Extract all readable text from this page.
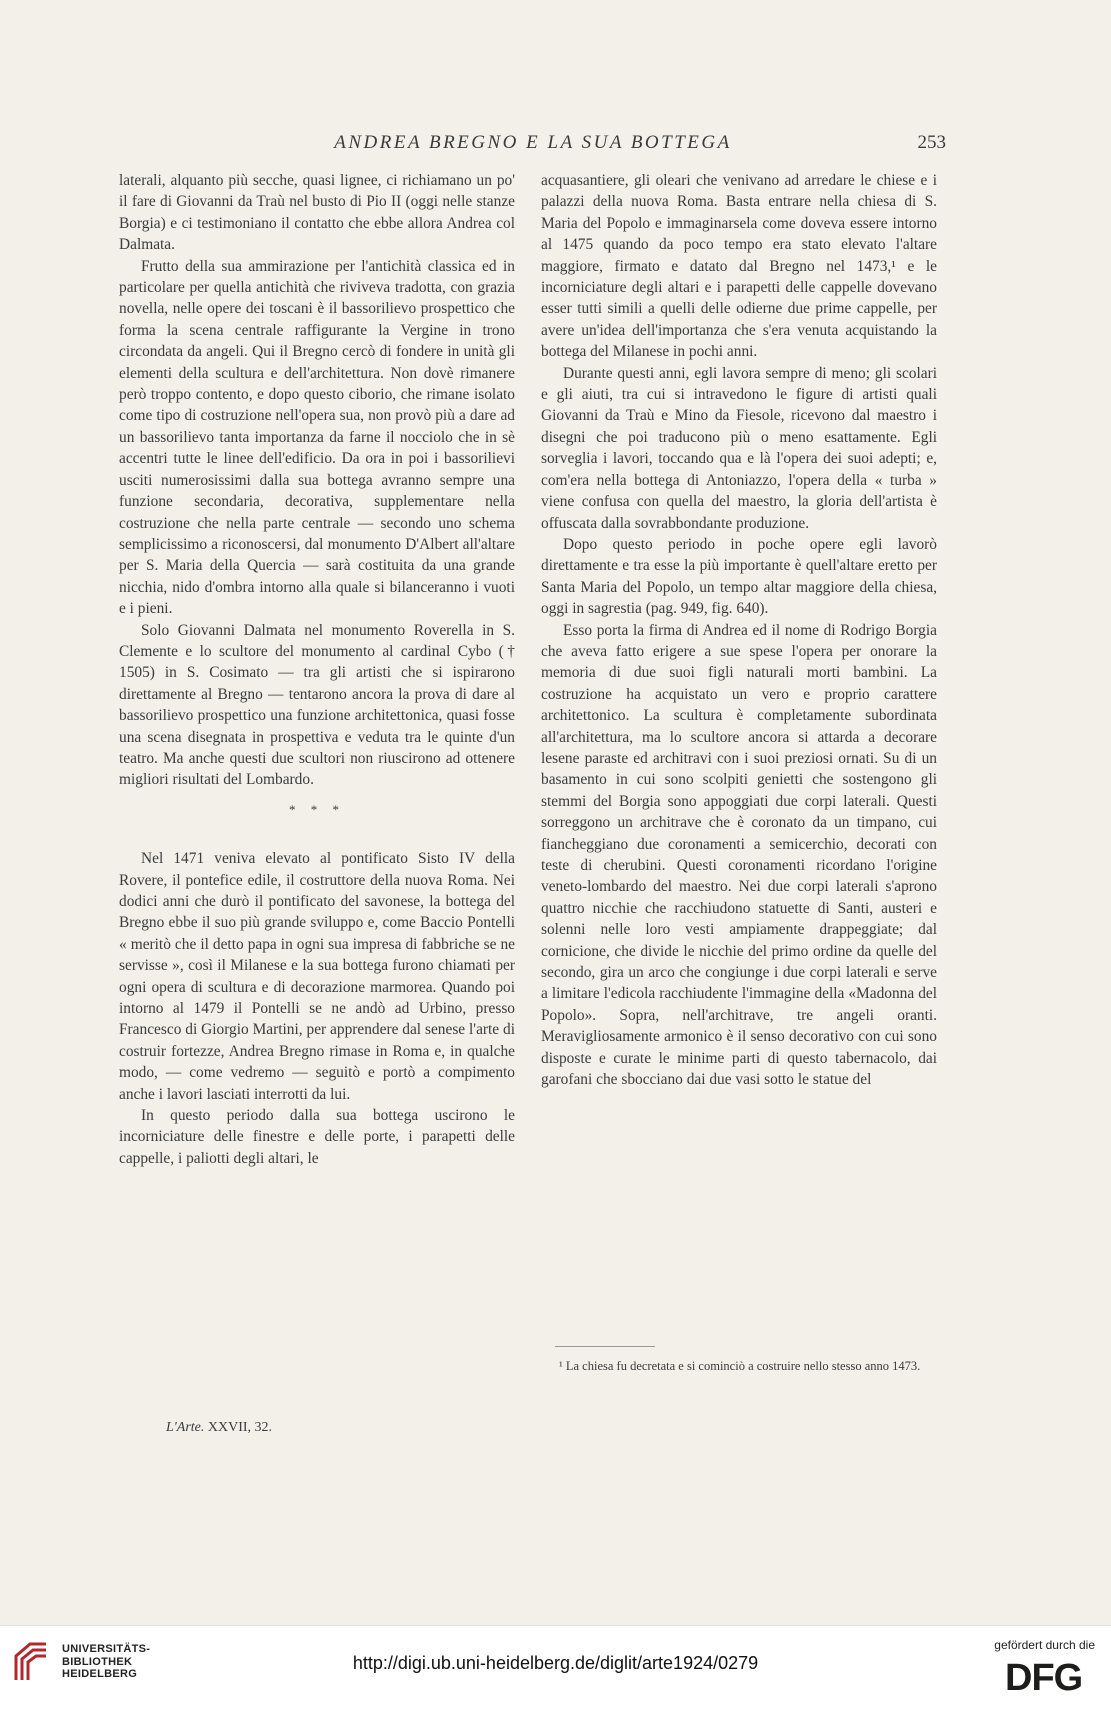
ANDREA BREGNO E LA SUA BOTTEGA	253

laterali, alquanto più secche, quasi lignee, ci richiamano un po' il fare di Giovanni da Traù nel busto di Pio II (oggi nelle stanze Borgia) e ci testimoniano il contatto che ebbe allora Andrea col Dalmata.

Frutto della sua ammirazione per l'antichità classica ed in particolare per quella antichità che riviveva tradotta, con grazia novella, nelle opere dei toscani è il bassorilievo prospettico che forma la scena centrale raffigurante la Vergine in trono circondata da angeli. Qui il Bregno cercò di fondere in unità gli elementi della scultura e dell'architettura. Non dovè rimanere però troppo contento, e dopo questo ciborio, che rimane isolato come tipo di costruzione nell'opera sua, non provò più a dare ad un bassorilievo tanta importanza da farne il nocciolo che in sè accentri tutte le linee dell'edificio. Da ora in poi i bassorilievi usciti numerosissimi dalla sua bottega avranno sempre una funzione secondaria, decorativa, supplementare nella costruzione che nella parte centrale — secondo uno schema semplicissimo a riconoscersi, dal monumento D'Albert all'altare per S. Maria della Quercia — sarà costituita da una grande nicchia, nido d'ombra intorno alla quale si bilanceranno i vuoti e i pieni.

Solo Giovanni Dalmata nel monumento Roverella in S. Clemente e lo scultore del monumento al cardinal Cybo († 1505) in S. Cosimato — tra gli artisti che si ispirarono direttamente al Bregno — tentarono ancora la prova di dare al bassorilievo prospettico una funzione architettonica, quasi fosse una scena disegnata in prospettiva e veduta tra le quinte d'un teatro. Ma anche questi due scultori non riuscirono ad ottenere migliori risultati del Lombardo.

* * *

Nel 1471 veniva elevato al pontificato Sisto IV della Rovere, il pontefice edile, il costruttore della nuova Roma. Nei dodici anni che durò il pontificato del savonese, la bottega del Bregno ebbe il suo più grande sviluppo e, come Baccio Pontelli « meritò che il detto papa in ogni sua impresa di fabbriche se ne servisse », così il Milanese e la sua bottega furono chiamati per ogni opera di scultura e di decorazione marmorea. Quando poi intorno al 1479 il Pontelli se ne andò ad Urbino, presso Francesco di Giorgio Martini, per apprendere dal senese l'arte di costruir fortezze, Andrea Bregno rimase in Roma e, in qualche modo, — come vedremo — seguitò e portò a compimento anche i lavori lasciati interrotti da lui.

In questo periodo dalla sua bottega uscirono le incorniciature delle finestre e delle porte, i parapetti delle cappelle, i paliotti degli altari, le

acquasantiere, gli oleari che venivano ad arredare le chiese e i palazzi della nuova Roma. Basta entrare nella chiesa di S. Maria del Popolo e immaginarsela come doveva essere intorno al 1475 quando da poco tempo era stato elevato l'altare maggiore, firmato e datato dal Bregno nel 1473,¹ e le incorniciature degli altari e i parapetti delle cappelle dovevano esser tutti simili a quelli delle odierne due prime cappelle, per avere un'idea dell'importanza che s'era venuta acquistando la bottega del Milanese in pochi anni.

Durante questi anni, egli lavora sempre di meno; gli scolari e gli aiuti, tra cui si intravedono le figure di artisti quali Giovanni da Traù e Mino da Fiesole, ricevono dal maestro i disegni che poi traducono più o meno esattamente. Egli sorveglia i lavori, toccando qua e là l'opera dei suoi adepti; e, com'era nella bottega di Antoniazzo, l'opera della « turba » viene confusa con quella del maestro, la gloria dell'artista è offuscata dalla sovrabbondante produzione.

Dopo questo periodo in poche opere egli lavorò direttamente e tra esse la più importante è quell'altare eretto per Santa Maria del Popolo, un tempo altar maggiore della chiesa, oggi in sagrestia (pag. 949, fig. 640).

Esso porta la firma di Andrea ed il nome di Rodrigo Borgia che aveva fatto erigere a sue spese l'opera per onorare la memoria di due suoi figli naturali morti bambini. La costruzione ha acquistato un vero e proprio carattere architettonico. La scultura è completamente subordinata all'architettura, ma lo scultore ancora si attarda a decorare lesene paraste ed architravi con i suoi preziosi ornati. Su di un basamento in cui sono scolpiti genietti che sostengono gli stemmi del Borgia sono appoggiati due corpi laterali. Questi sorreggono un architrave che è coronato da un timpano, cui fiancheggiano due coronamenti a semicerchio, decorati con teste di cherubini. Questi coronamenti ricordano l'origine veneto-lombardo del maestro. Nei due corpi laterali s'aprono quattro nicchie che racchiudono statuette di Santi, austeri e solenni nelle loro vesti ampiamente drappeggiate; dal cornicione, che divide le nicchie del primo ordine da quelle del secondo, gira un arco che congiunge i due corpi laterali e serve a limitare l'edicola racchiudente l'immagine della «Madonna del Popolo». Sopra, nell'architrave, tre angeli oranti. Meravigliosamente armonico è il senso decorativo con cui sono disposte e curate le minime parti di questo tabernacolo, dai garofani che sbocciano dai due vasi sotto le statue del

¹ La chiesa fu decretata e si cominciò a costruire nello stesso anno 1473.
L'Arte. XXVII, 32.
UNIVERSITÄTS-
BIBLIOTHEK
HEIDELBERG
http://digi.ub.uni-heidelberg.de/diglit/arte1924/0279
gefördert durch die
DFG
